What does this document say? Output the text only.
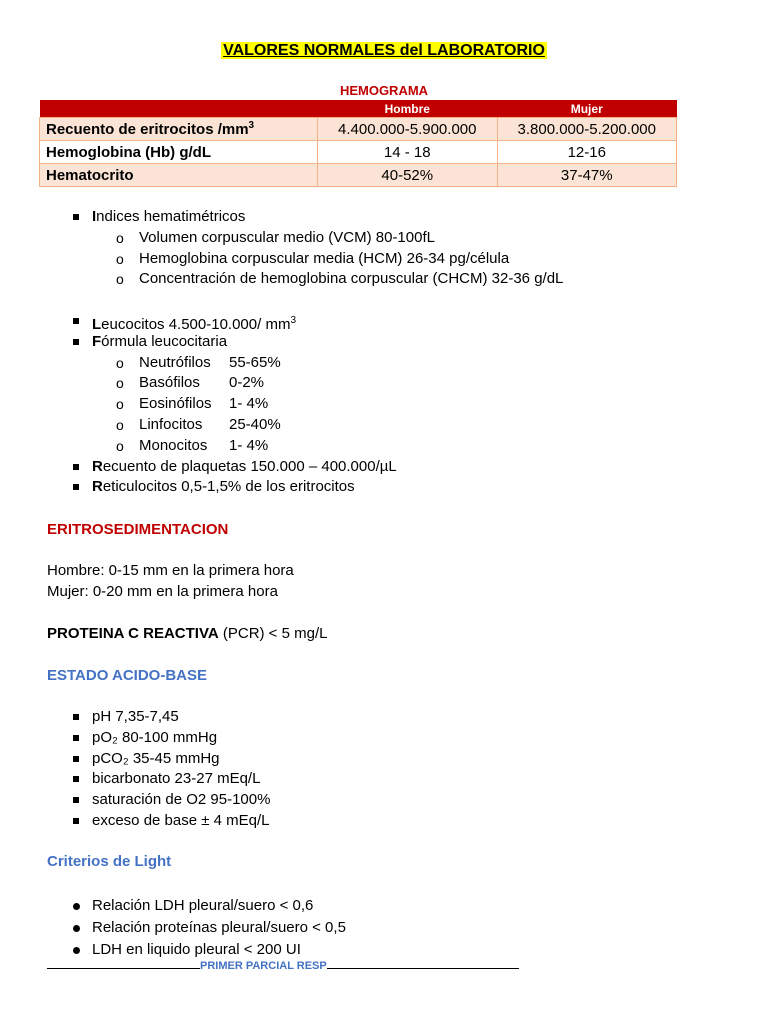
VALORES NORMALES del LABORATORIO
HEMOGRAMA
	Hombre	Mujer
Recuento de eritrocitos $/mm^3$	4.400.000-5.900.000	3.800.000-5.200.000
Hemoglobina (Hb) g/dL	14 - 18	12-16
Hematocrito	40-52%	37-47%
Indices hematimétricos
o Volumen corpuscular medio (VCM) 80-100fL
o Hemoglobina corpuscular media (HCM) 26-34 pg/célula
o Concentración de hemoglobina corpuscular (CHCM) 32-36 g/dL
Leucocitos 4.500-10.000/ $mm^3$
Fórmula leucocitaria
o Neutrófilos 55-65%
o Basófilos 0-2%
o Eosinófilos 1- 4%
o Linfocitos 25-40%
o Monocitos 1- 4%
Recuento de plaquetas 150.000 – 400.000/µL
Reticulocitos 0,5-1,5% de los eritrocitos
ERITROSEDIMENTACION
Hombre: 0-15 mm en la primera hora
Mujer: 0-20 mm en la primera hora
PROTEINA C REACTIVA (PCR) < 5 mg/L
ESTADO ACIDO-BASE
pH 7,35-7,45
pO₂ 80-100 mmHg
pCO₂ 35-45 mmHg
bicarbonato 23-27 mEq/L
saturación de O2 95-100%
exceso de base ± 4 mEq/L
Criterios de Light
Relación LDH pleural/suero < 0,6
Relación proteínas pleural/suero < 0,5
LDH en liquido pleural < 200 UI
PRIMER PARCIAL RESP
